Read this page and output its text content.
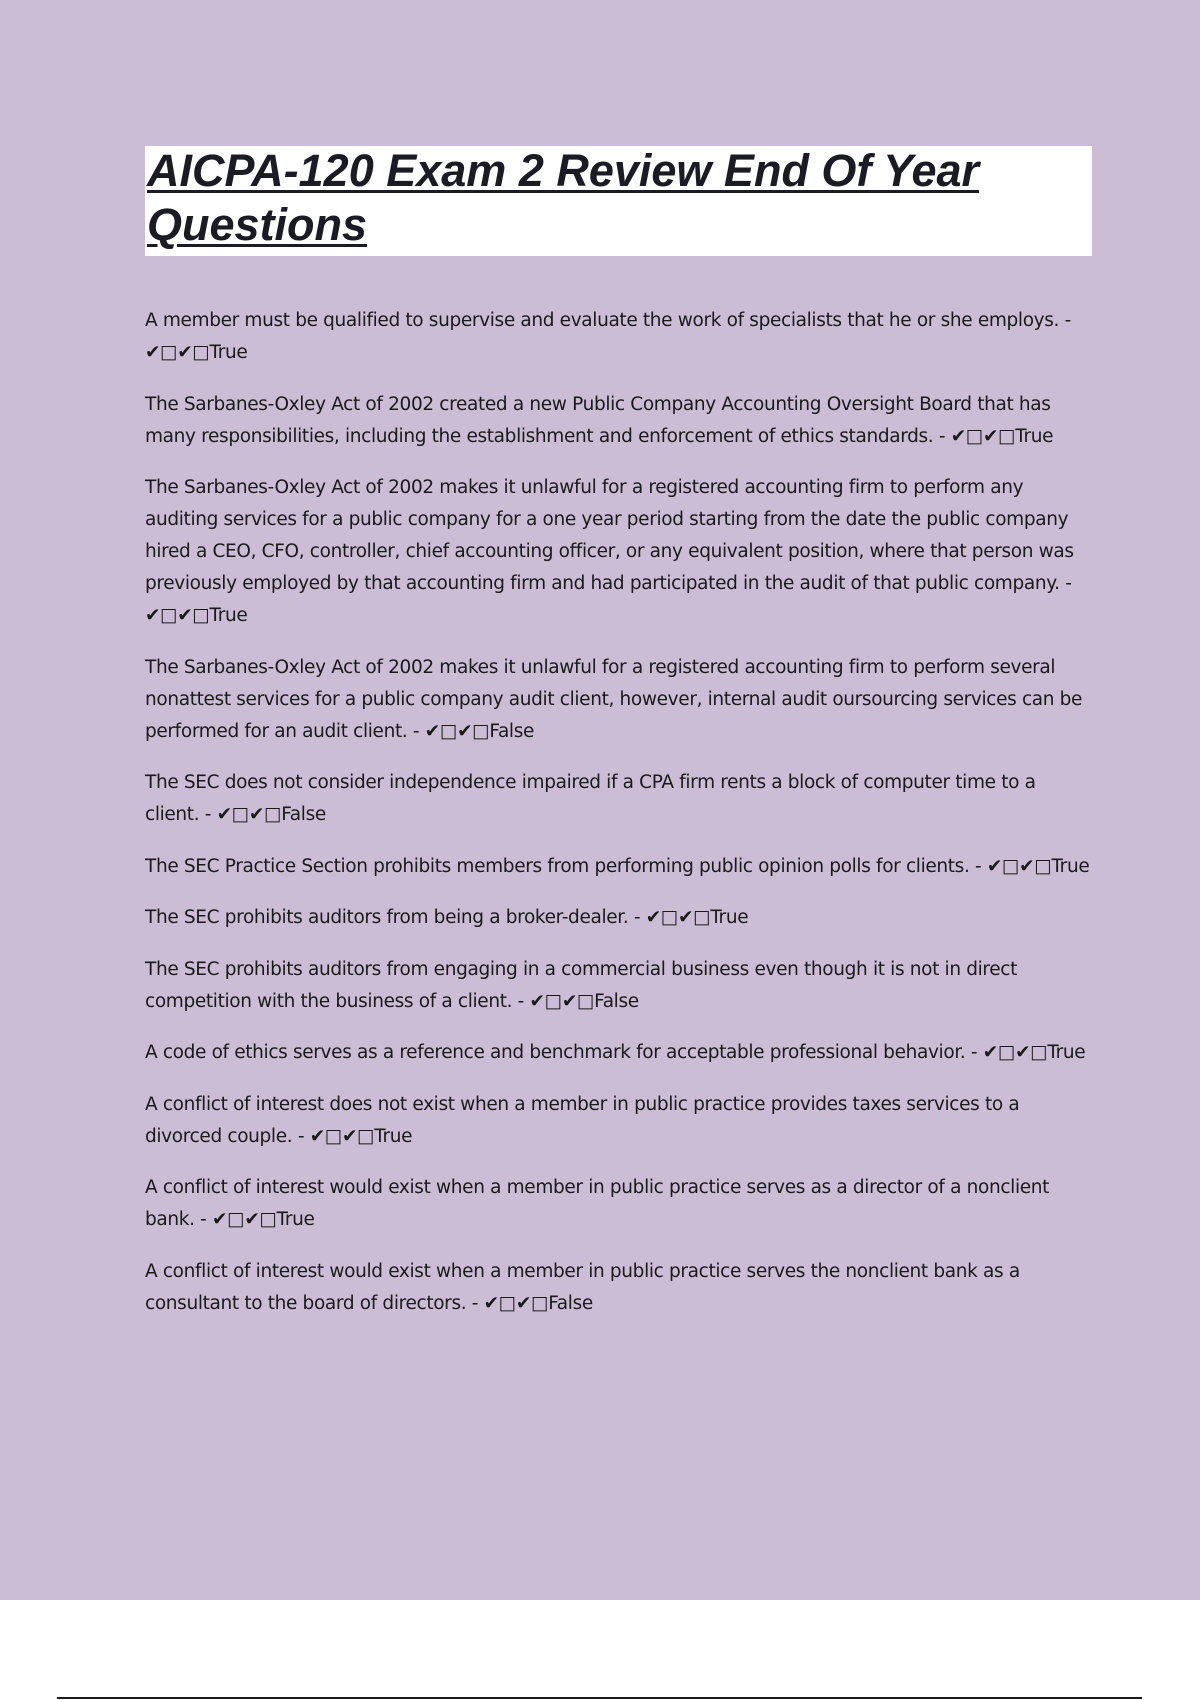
AICPA-120 Exam 2 Review End Of Year Questions

A member must be qualified to supervise and evaluate the work of specialists that he or she employs. - ✔□✔□True

The Sarbanes-Oxley Act of 2002 created a new Public Company Accounting Oversight Board that has many responsibilities, including the establishment and enforcement of ethics standards. - ✔□✔□True

The Sarbanes-Oxley Act of 2002 makes it unlawful for a registered accounting firm to perform any auditing services for a public company for a one year period starting from the date the public company hired a CEO, CFO, controller, chief accounting officer, or any equivalent position, where that person was previously employed by that accounting firm and had participated in the audit of that public company. - ✔□✔□True

The Sarbanes-Oxley Act of 2002 makes it unlawful for a registered accounting firm to perform several nonattest services for a public company audit client, however, internal audit oursourcing services can be performed for an audit client. - ✔□✔□False

The SEC does not consider independence impaired if a CPA firm rents a block of computer time to a client. - ✔□✔□False

The SEC Practice Section prohibits members from performing public opinion polls for clients. - ✔□✔□True

The SEC prohibits auditors from being a broker-dealer. - ✔□✔□True

The SEC prohibits auditors from engaging in a commercial business even though it is not in direct competition with the business of a client. - ✔□✔□False

A code of ethics serves as a reference and benchmark for acceptable professional behavior. - ✔□✔□True

A conflict of interest does not exist when a member in public practice provides taxes services to a divorced couple. - ✔□✔□True

A conflict of interest would exist when a member in public practice serves as a director of a nonclient bank. - ✔□✔□True

A conflict of interest would exist when a member in public practice serves the nonclient bank as a consultant to the board of directors. - ✔□✔□False
